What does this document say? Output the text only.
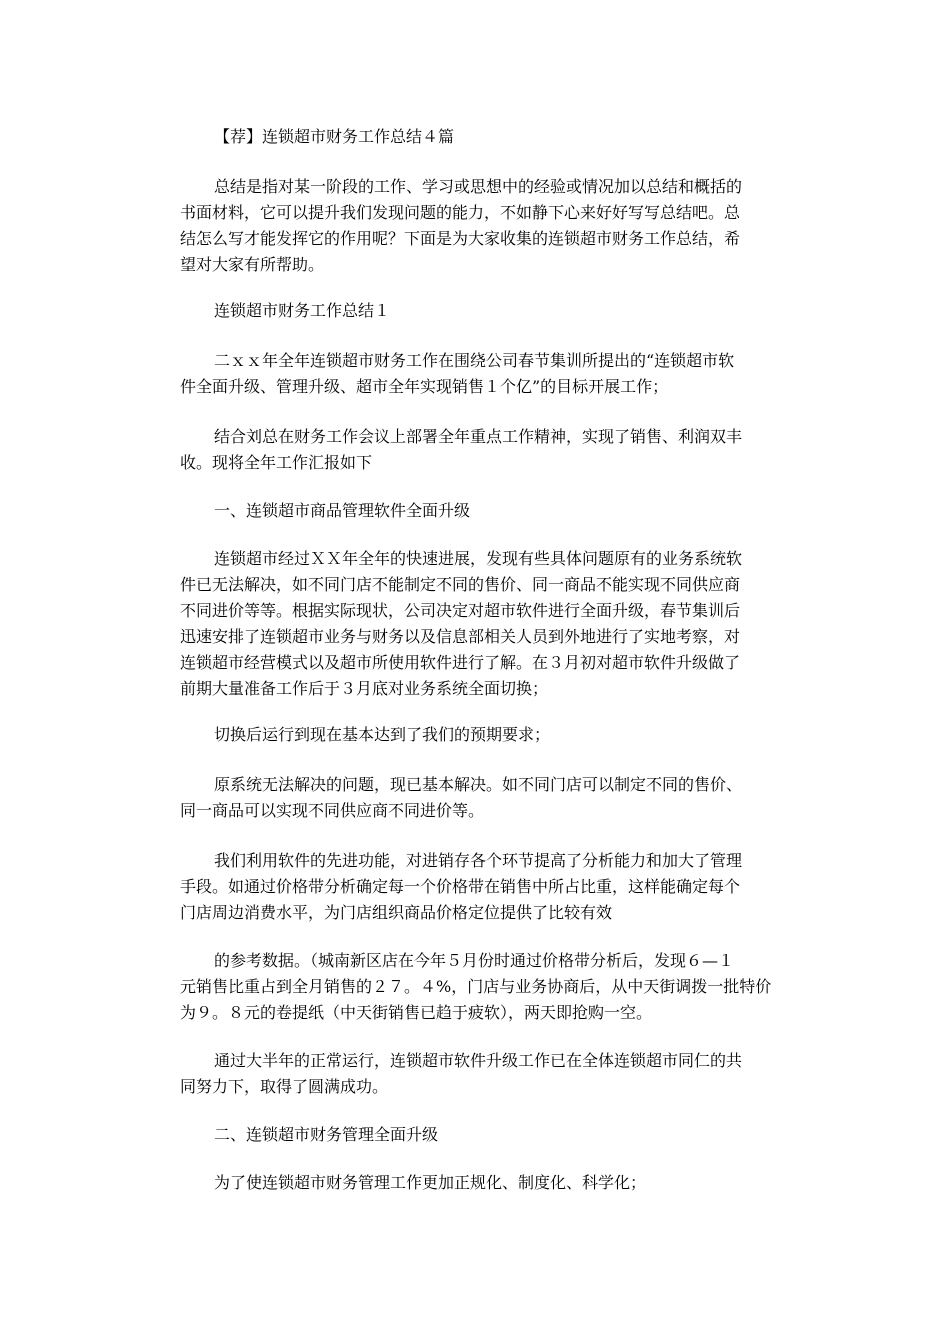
【荐】连锁超市财务工作总结４篇
总结是指对某一阶段的工作、学习或思想中的经验或情况加以总结和概括的
书面材料，它可以提升我们发现问题的能力，不如静下心来好好写写总结吧。总
结怎么写才能发挥它的作用呢？下面是为大家收集的连锁超市财务工作总结，希
望对大家有所帮助。
连锁超市财务工作总结１
二ｘｘ年全年连锁超市财务工作在围绕公司春节集训所提出的“连锁超市软
件全面升级、管理升级、超市全年实现销售１个亿”的目标开展工作；
结合刘总在财务工作会议上部署全年重点工作精神，实现了销售、利润双丰
收。现将全年工作汇报如下
一、连锁超市商品管理软件全面升级
连锁超市经过ＸＸ年全年的快速进展，发现有些具体问题原有的业务系统软
件已无法解决，如不同门店不能制定不同的售价、同一商品不能实现不同供应商
不同进价等等。根据实际现状，公司决定对超市软件进行全面升级，春节集训后
迅速安排了连锁超市业务与财务以及信息部相关人员到外地进行了实地考察，对
连锁超市经营模式以及超市所使用软件进行了解。在３月初对超市软件升级做了
前期大量准备工作后于３月底对业务系统全面切换；
切换后运行到现在基本达到了我们的预期要求；
原系统无法解决的问题，现已基本解决。如不同门店可以制定不同的售价、
同一商品可以实现不同供应商不同进价等。
我们利用软件的先进功能，对进销存各个环节提高了分析能力和加大了管理
手段。如通过价格带分析确定每一个价格带在销售中所占比重，这样能确定每个
门店周边消费水平，为门店组织商品价格定位提供了比较有效
的参考数据。（城南新区店在今年５月份时通过价格带分析后，发现６—１
元销售比重占到全月销售的２７。４%，门店与业务协商后，从中天街调拨一批特价
为９。８元的卷提纸（中天街销售已趋于疲软），两天即抢购一空。
通过大半年的正常运行，连锁超市软件升级工作已在全体连锁超市同仁的共
同努力下，取得了圆满成功。
二、连锁超市财务管理全面升级
为了使连锁超市财务管理工作更加正规化、制度化、科学化；
